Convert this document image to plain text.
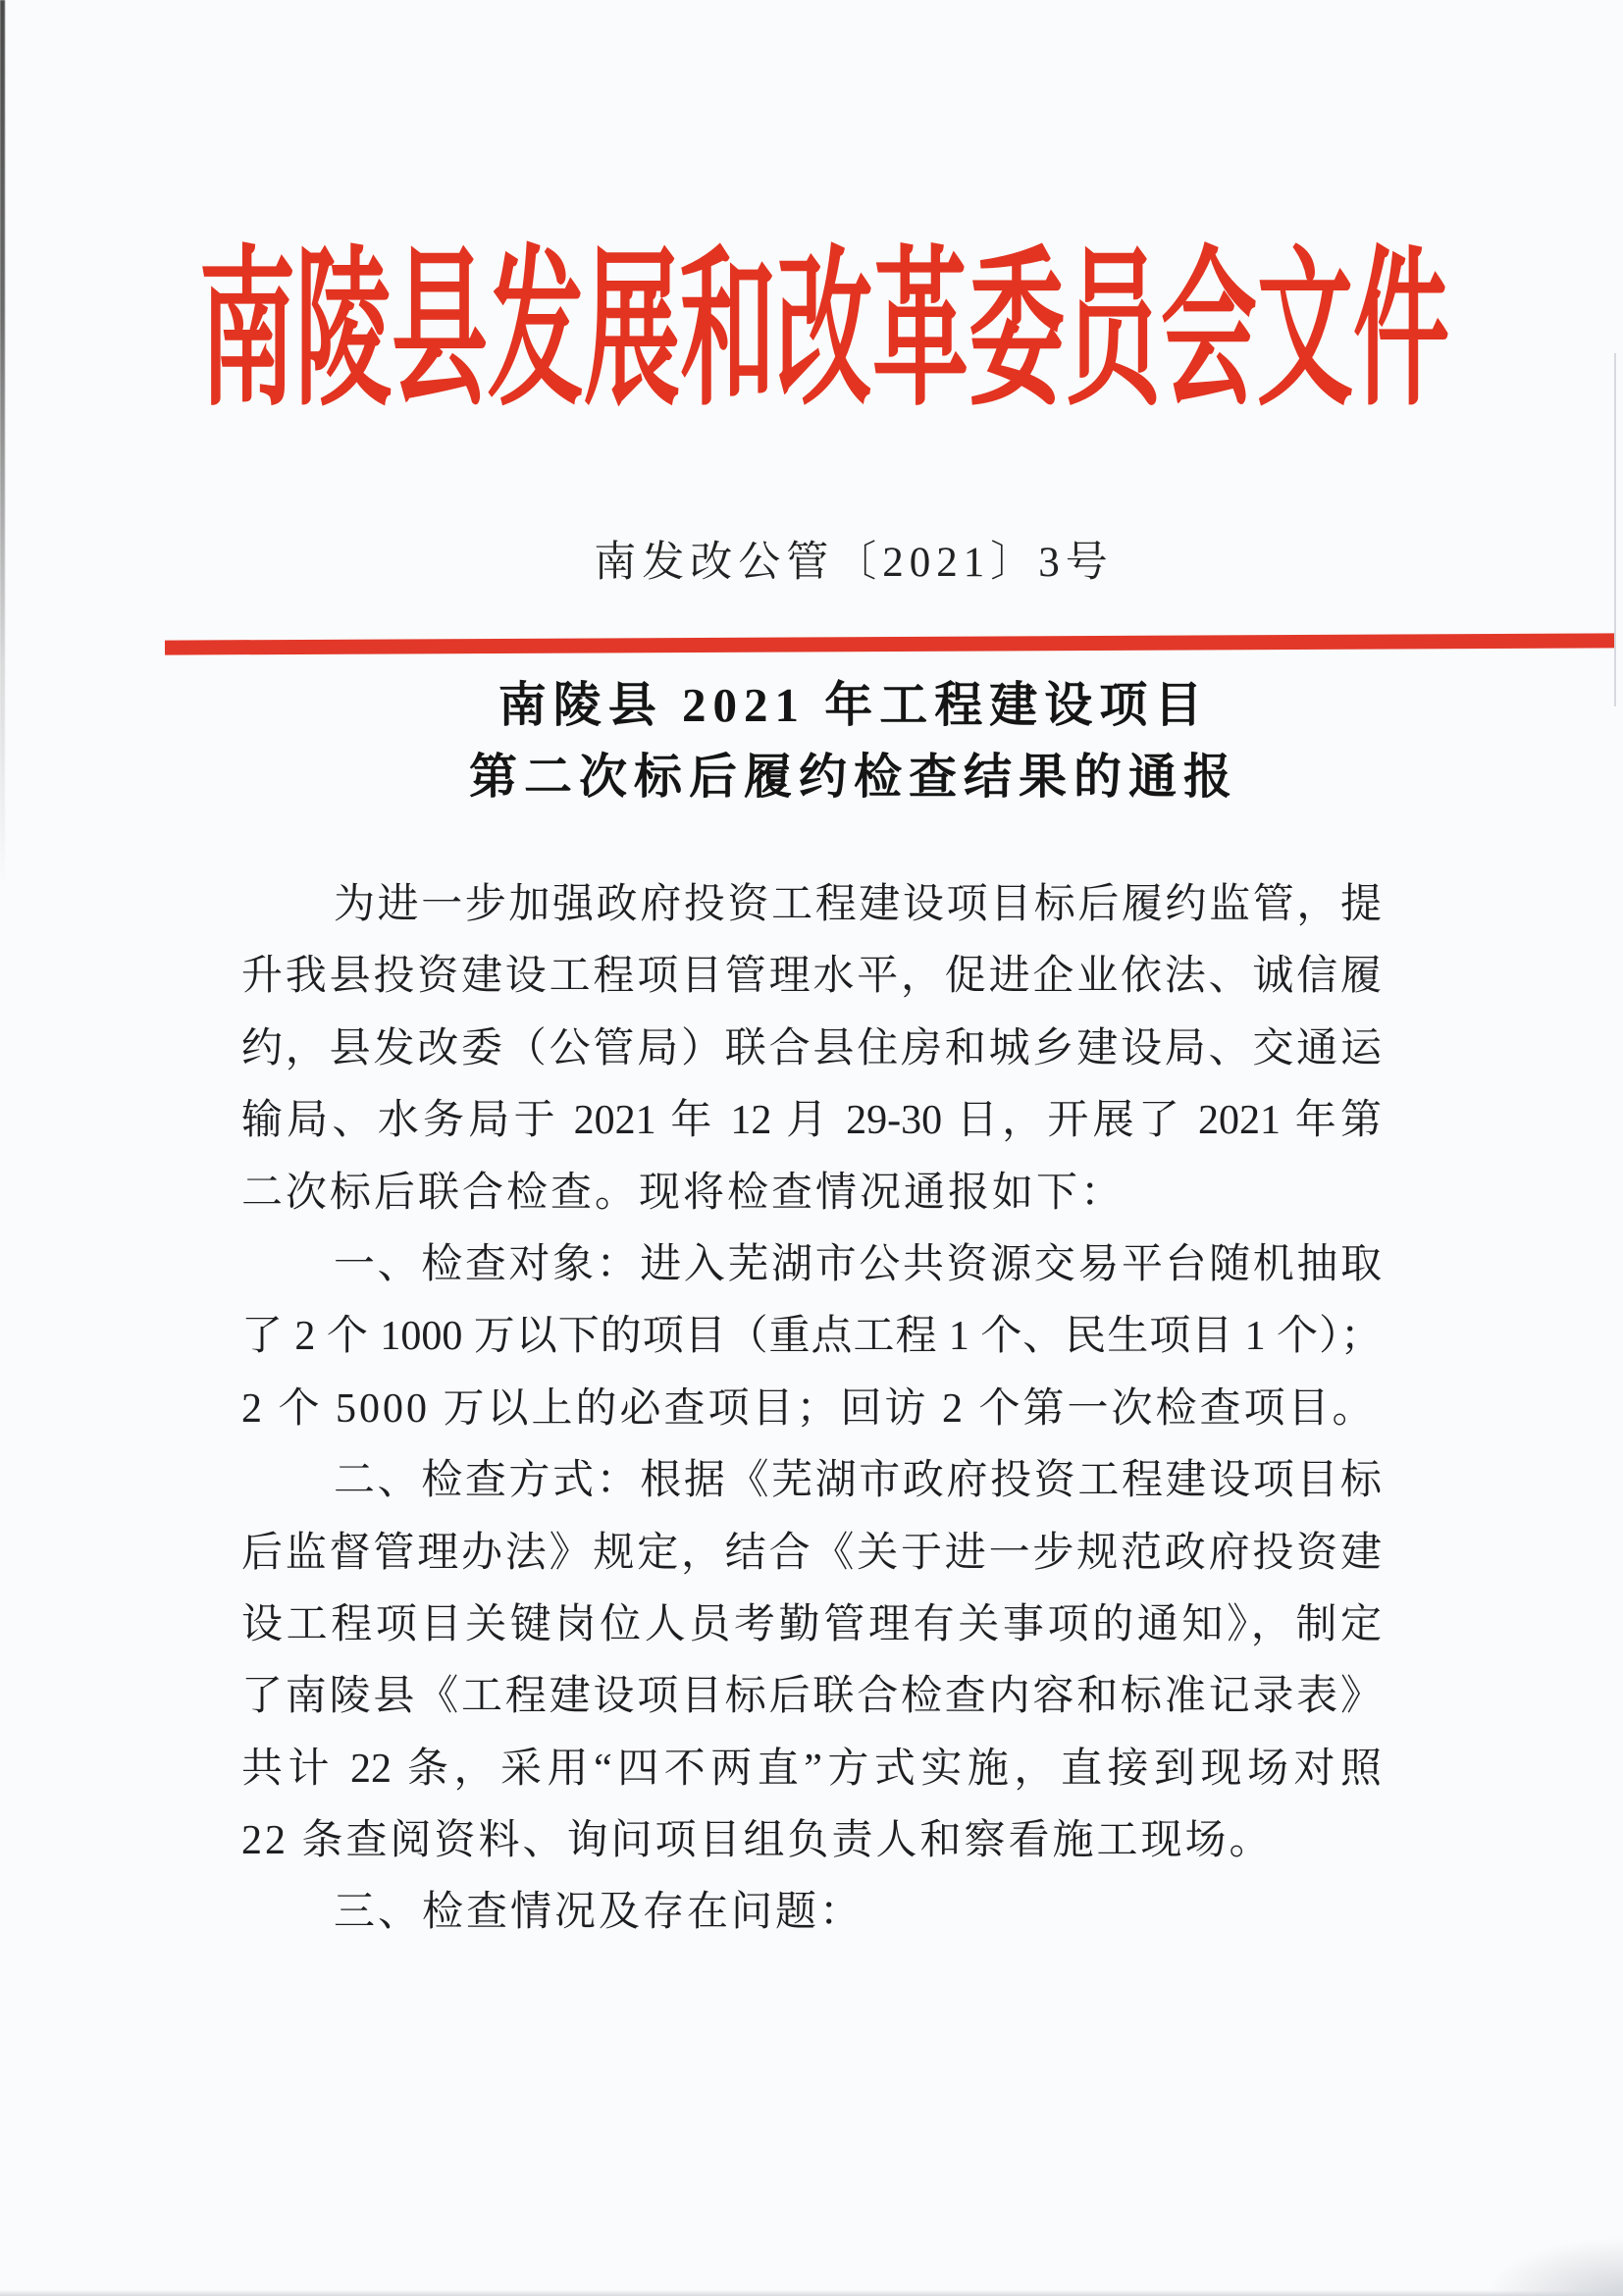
南陵县发展和改革委员会文件
南发改公管〔2021〕3号
南陵县 2021 年工程建设项目
第二次标后履约检查结果的通报
为进一步加强政府投资工程建设项目标后履约监管，提
升我县投资建设工程项目管理水平，促进企业依法、诚信履
约，县发改委（公管局）联合县住房和城乡建设局、交通运
输局、水务局于 2021 年 12 月 29-30 日，开展了 2021 年第
二次标后联合检查。现将检查情况通报如下：
一、检查对象：进入芜湖市公共资源交易平台随机抽取
了 2 个 1000 万以下的项目（重点工程 1 个、民生项目 1 个）；
2 个 5000 万以上的必查项目；回访 2 个第一次检查项目。
二、检查方式：根据《芜湖市政府投资工程建设项目标
后监督管理办法》规定，结合《关于进一步规范政府投资建
设工程项目关键岗位人员考勤管理有关事项的通知》，制定
了南陵县《工程建设项目标后联合检查内容和标准记录表》
共计 22 条，采用“四不两直”方式实施，直接到现场对照
22 条查阅资料、询问项目组负责人和察看施工现场。
三、检查情况及存在问题：
